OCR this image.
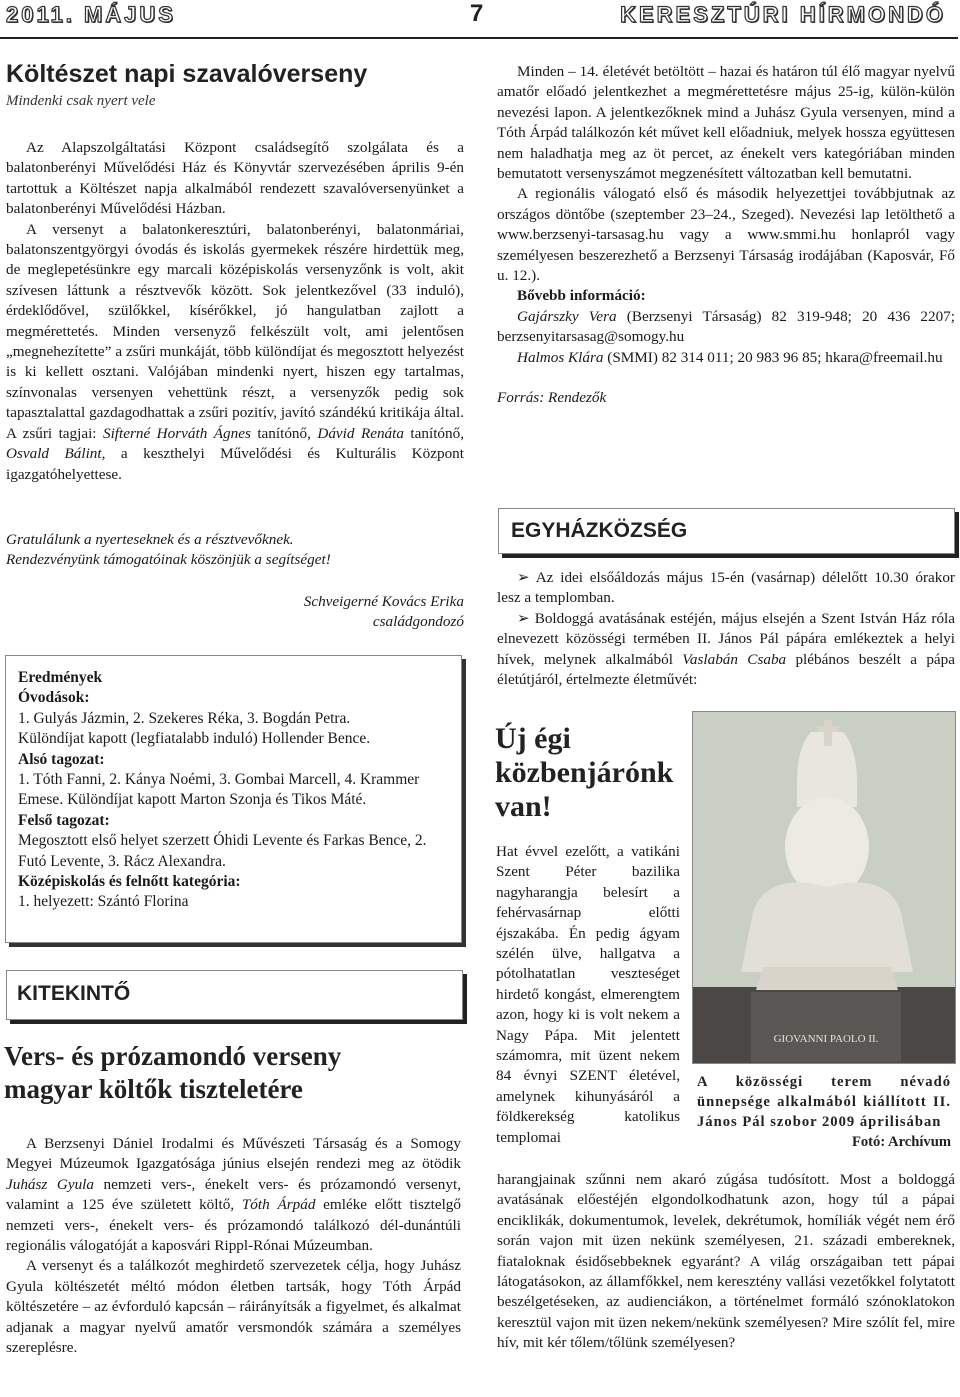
2011. MÁJUS	7	KERESZTÚRI HÍRMONDÓ
Költészet napi szavalóverseny
Mindenki csak nyert vele

Az Alapszolgáltatási Központ családsegítő szolgálata és a balatonberényi Művelődési Ház és Könyvtár szervezésében április 9-én tartottuk a Költészet napja alkalmából rendezett szavalóversenyünket a balatonberényi Művelődési Házban.

A versenyt a balatonkeresztúri, balatonberényi, balatonmáriai, balatonszentgyörgyi óvodás és iskolás gyermekek részére hirdettük meg, de meglepetésünkre egy marcali középiskolás versenyzőnk is volt, akit szívesen láttunk a résztvevők között. Sok jelentkezővel (33 induló), érdeklődővel, szülőkkel, kísérőkkel, jó hangulatban zajlott a megmérettetés. Minden versenyző felkészült volt, ami jelentősen „megnehezítette” a zsűri munkáját, több különdíjat és megosztott helyezést is ki kellett osztani. Valójában mindenki nyert, hiszen egy tartalmas, színvonalas versenyen vehettünk részt, a versenyzők pedig sok tapasztalattal gazdagodhattak a zsűri pozitív, javító szándékú kritikája által. A zsűri tagjai: Sifterné Horváth Ágnes tanítónő, Dávid Renáta tanítónő, Osvald Bálint, a keszthelyi Művelődési és Kulturális Központ igazgatóhelyettese.

Gratulálunk a nyerteseknek és a résztvevőknek.

Rendezvényünk támogatóinak köszönjük a segítséget!

Schveigerné Kovács Erika

családgondozó

Eredmények

Óvodások:

1. Gulyás Jázmin, 2. Szekeres Réka, 3. Bogdán Petra.

Különdíjat kapott (legfiatalabb induló) Hollender Bence.

Alsó tagozat:

1. Tóth Fanni, 2. Kánya Noémi, 3. Gombai Marcell, 4. Krammer Emese. Különdíjat kapott Marton Szonja és Tikos Máté.

Felső tagozat:

Megosztott első helyet szerzett Óhidi Levente és Farkas Bence, 2. Futó Levente, 3. Rácz Alexandra.

Középiskolás és felnőtt kategória:

1. helyezett: Szántó Florina

KITEKINTŐ

Vers- és prózamondó verseny

magyar költők tiszteletére

A Berzsenyi Dániel Irodalmi és Művészeti Társaság és a Somogy Megyei Múzeumok Igazgatósága június elsején rendezi meg az ötödik Juhász Gyula nemzeti vers-, énekelt vers- és prózamondó versenyt, valamint a 125 éve született költő, Tóth Árpád emléke előtt tisztelgő nemzeti vers-, énekelt vers- és prózamondó találkozó dél-dunántúli regionális válogatóját a kaposvári Rippl-Rónai Múzeumban.

A versenyt és a találkozót meghirdető szervezetek célja, hogy Juhász Gyula költészetét méltó módon életben tartsák, hogy Tóth Árpád költészetére – az évforduló kapcsán – ráirányítsák a figyelmet, és alkalmat adjanak a magyar nyelvű amatőr versmondók számára a személyes szereplésre.

Minden – 14. életévét betöltött – hazai és határon túl élő magyar nyelvű amatőr előadó jelentkezhet a megmérettetésre május 25-ig, külön-külön nevezési lapon. A jelentkezőknek mind a Juhász Gyula versenyen, mind a Tóth Árpád találkozón két művet kell előadniuk, melyek hossza együttesen nem haladhatja meg az öt percet, az énekelt vers kategóriában minden bemutatott versenyszámot megzenésített változatban kell bemutatni.

A regionális válogató első és második helyezettjei továbbjutnak az országos döntőbe (szeptember 23–24., Szeged). Nevezési lap letölthető a www.berzsenyi-tarsasag.hu vagy a www.smmi.hu honlapról vagy személyesen beszerezhető a Berzsenyi Társaság irodájában (Kaposvár, Fő u. 12.).

Bővebb információ:

Gajárszky Vera (Berzsenyi Társaság) 82 319-948; 20 436 2207; berzsenyitarsasag@somogy.hu

Halmos Klára (SMMI) 82 314 011; 20 983 96 85; hkara@freemail.hu

Forrás: Rendezők

EGYHÁZKÖZSÉG

➢ Az idei elsőáldozás május 15-én (vasárnap) délelőtt 10.30 órakor lesz a templomban.

➢ Boldoggá avatásának estéjén, május elsején a Szent István Ház róla elnevezett közösségi termében II. János Pál pápára emlékeztek a helyi hívek, melynek alkalmából Vaslabán Csaba plébános beszélt a pápa életútjáról, értelmezte életművét:

Új égi

közbenjárónk

van!

Hat évvel ezelőtt, a vatikáni Szent Péter bazilika nagyharangja belesírt a fehérvasárnap előtti éjszakába. Én pedig ágyam szélén ülve, hallgatva a pótolhatatlan veszteséget hirdető kongást, elmerengtem azon, hogy ki is volt nekem a Nagy Pápa. Mit jelentett számomra, mit üzent nekem 84 évnyi SZENT életével, amelynek kihunyásáról a földkerekség katolikus templomai
GIOVANNI PAOLO II.
A közösségi terem névadó ünnepsége alkalmából kiállított II. János Pál szobor 2009 áprilisában
Fotó: Archívum
harangjainak szűnni nem akaró zúgása tudósított. Most a boldoggá avatásának előestéjén elgondolkodhatunk azon, hogy túl a pápai enciklikák, dokumentumok, levelek, dekrétumok, homíliák végét nem érő során vajon mit üzen nekünk személyesen, 21. századi embereknek, fiataloknak ésidősebbeknek egyaránt? A világ országaiban tett pápai látogatásokon, az államfőkkel, nem keresztény vallási vezetőkkel folytatott beszélgetéseken, az audienciákon, a történelmet formáló szónoklatokon keresztül vajon mit üzen nekem/nekünk személyesen? Mire szólít fel, mire hív, mit kér tőlem/tőlünk személyesen?
